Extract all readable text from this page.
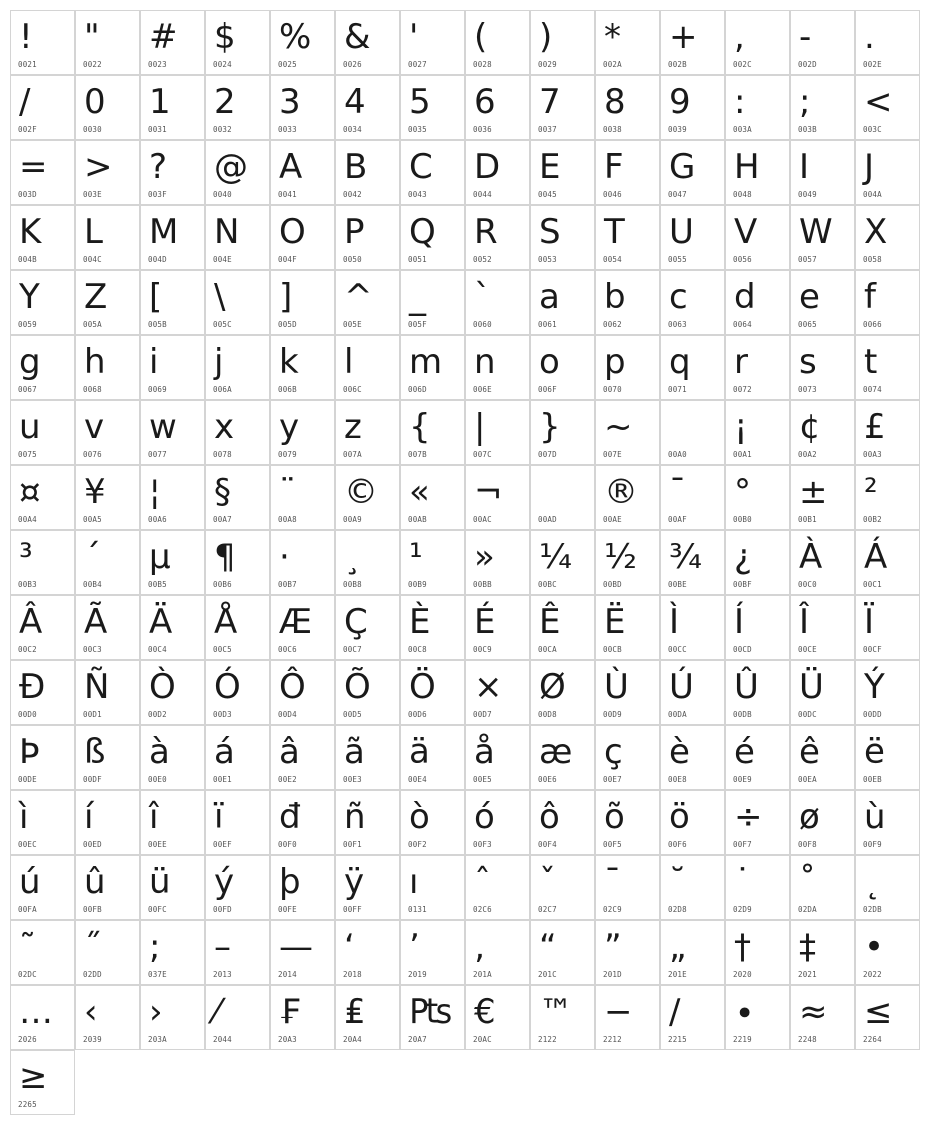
!
0021
"
0022
#
0023
$
0024
%
0025
&
0026
'
0027
(
0028
)
0029
*
002A
+
002B
,
002C
-
002D
.
002E
/
002F
0
0030
1
0031
2
0032
3
0033
4
0034
5
0035
6
0036
7
0037
8
0038
9
0039
:
003A
;
003B
<
003C
=
003D
>
003E
?
003F
@
0040
A
0041
B
0042
C
0043
D
0044
E
0045
F
0046
G
0047
H
0048
I
0049
J
004A
K
004B
L
004C
M
004D
N
004E
O
004F
P
0050
Q
0051
R
0052
S
0053
T
0054
U
0055
V
0056
W
0057
X
0058
Y
0059
Z
005A
[
005B
\
005C
]
005D
^
005E
_
005F
`
0060
a
0061
b
0062
c
0063
d
0064
e
0065
f
0066
g
0067
h
0068
i
0069
j
006A
k
006B
l
006C
m
006D
n
006E
o
006F
p
0070
q
0071
r
0072
s
0073
t
0074
u
0075
v
0076
w
0077
x
0078
y
0079
z
007A
{
007B
|
007C
}
007D
~
007E
	00A0
¡
00A1
¢
00A2
£
00A3
¤
00A4
¥
00A5
¦
00A6
§
00A7
¨
00A8
©
00A9
«
00AB
¬
00AC	00AD
®
00AE
¯
00AF
°
00B0
±
00B1
²
00B2
³
00B3
´
00B4
µ
00B5
¶
00B6
·
00B7
¸
00B8
¹
00B9
»
00BB
¼
00BC
½
00BD
¾
00BE
¿
00BF
À
00C0
Á
00C1
Â
00C2
Ã
00C3
Ä
00C4
Å
00C5
Æ
00C6
Ç
00C7
È
00C8
É
00C9
Ê
00CA
Ë
00CB
Ì
00CC
Í
00CD
Î
00CE
Ï
00CF
Ð
00D0
Ñ
00D1
Ò
00D2
Ó
00D3
Ô
00D4
Õ
00D5
Ö
00D6
×
00D7
Ø
00D8
Ù
00D9
Ú
00DA
Û
00DB
Ü
00DC
Ý
00DD
Þ
00DE
ß
00DF
à
00E0
á
00E1
â
00E2
ã
00E3
ä
00E4
å
00E5
æ
00E6
ç
00E7
è
00E8
é
00E9
ê
00EA
ë
00EB
ì
00EC
í
00ED
î
00EE
ï
00EF
đ
00F0
ñ
00F1
ò
00F2
ó
00F3
ô
00F4
õ
00F5
ö
00F6
÷
00F7
ø
00F8
ù
00F9
ú
00FA
û
00FB
ü
00FC
ý
00FD
þ
00FE
ÿ
00FF
ı
0131
ˆ
02C6
ˇ
02C7
ˉ
02C9
˘
02D8
˙
02D9
˚
02DA
˛
02DB
˜
02DC
˝
02DD
;
037E
–
2013
—
2014
‘
2018
’
2019
‚
201A
“
201C
”
201D
„
201E
†
2020
‡
2021
•
2022
…
2026
‹
2039
›
203A
⁄
2044
₣
20A3
₤
20A4
₧
20A7
€
20AC
™
2122
−
2212
∕
2215
∙
2219
≈
2248
≤
2264
≥
2265
